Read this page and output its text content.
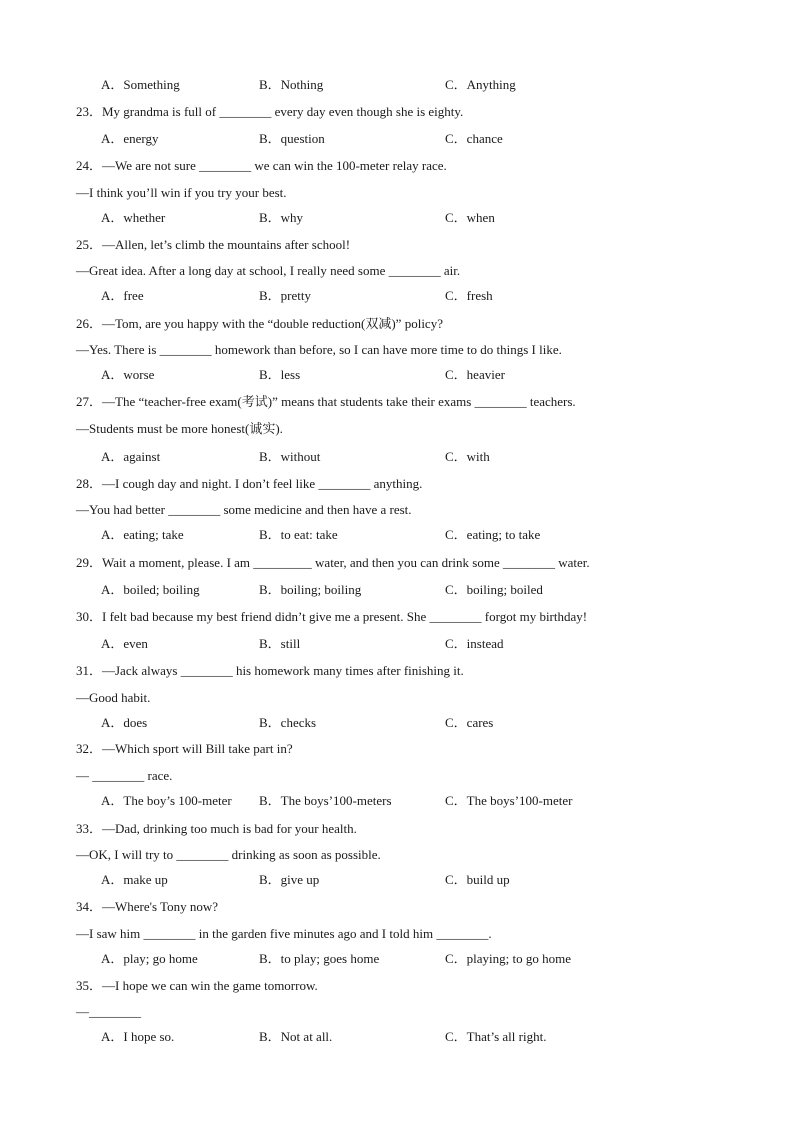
A．Something	B．Nothing	C．Anything
23．My grandma is full of ________ every day even though she is eighty.
A．energy	B．question	C．chance
24．—We are not sure ________ we can win the 100-meter relay race.
—I think you’ll win if you try your best.
A．whether	B．why	C．when
25．—Allen, let’s climb the mountains after school!
—Great idea. After a long day at school, I really need some ________ air.
A．free	B．pretty	C．fresh
26．—Tom, are you happy with the “double reduction(双减)” policy?
—Yes. There is ________ homework than before, so I can have more time to do things I like.
A．worse	B．less	C．heavier
27．—The “teacher-free exam(考试)” means that students take their exams ________ teachers.
—Students must be more honest(诚实).
A．against	B．without	C．with
28．—I cough day and night. I don’t feel like ________ anything.
—You had better ________ some medicine and then have a rest.
A．eating; take	B．to eat: take	C．eating; to take
29．Wait a moment, please. I am _________ water, and then you can drink some ________ water.
A．boiled; boiling	B．boiling; boiling	C．boiling; boiled
30．I felt bad because my best friend didn’t give me a present. She ________ forgot my birthday!
A．even	B．still	C．instead
31．—Jack always ________ his homework many times after finishing it.
—Good habit.
A．does	B．checks	C．cares
32．—Which sport will Bill take part in?
— ________ race.
A．The boy’s 100-meter B．The boys’100-meters	C．The boys’100-meter
33．—Dad, drinking too much is bad for your health.
—OK, I will try to ________ drinking as soon as possible.
A．make up	B．give up	C．build up
34．—Where's Tony now?
—I saw him ________ in the garden five minutes ago and I told him ________.
A．play; go home	B．to play; goes home	C．playing; to go home
35．—I hope we can win the game tomorrow.
—________
A．I hope so.	B．Not at all.	C．That’s all right.
